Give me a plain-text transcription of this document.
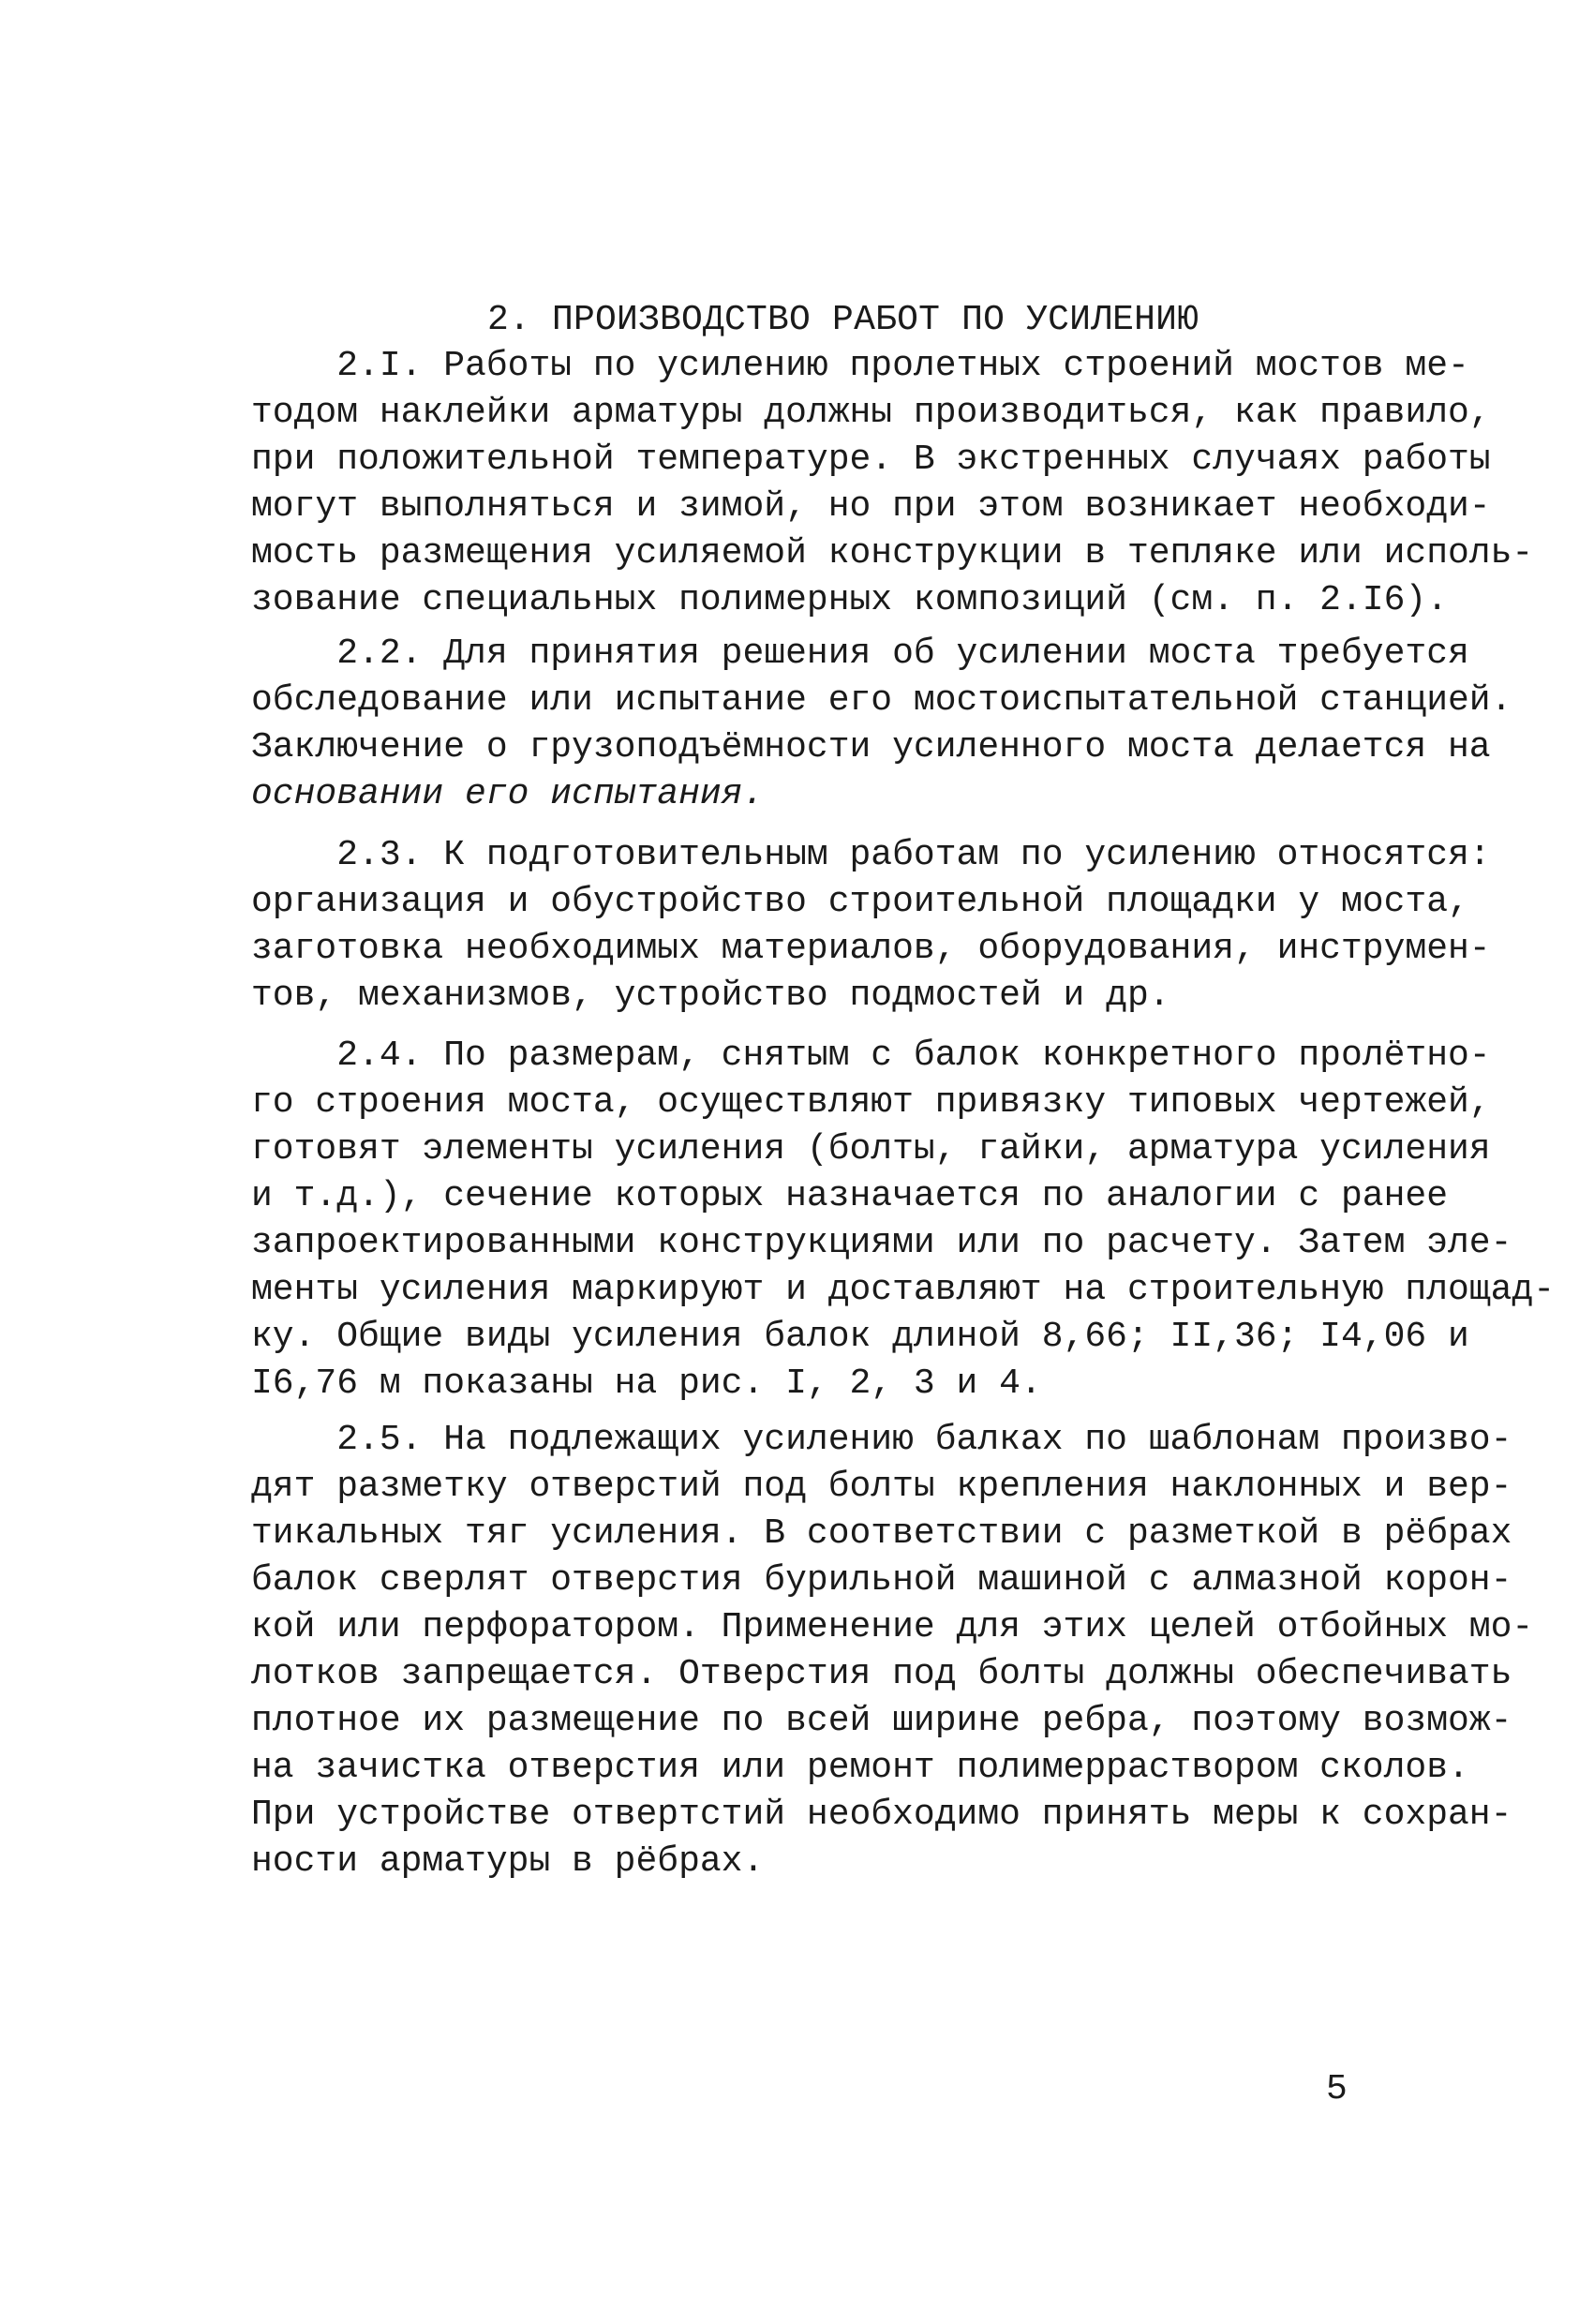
2. ПРОИЗВОДСТВО РАБОТ ПО УСИЛЕНИЮ
2.I. Работы по усилению пролетных строений мостов ме-
тодом наклейки арматуры должны производиться, как правило,
при положительной температуре. В экстренных случаях работы
могут выполняться и зимой, но при этом возникает необходи-
мость размещения усиляемой конструкции в тепляке или исполь-
зование специальных полимерных композиций (см. п. 2.I6).
2.2. Для принятия решения об усилении моста требуется
обследование или испытание его мостоиспытательной станцией.
Заключение о грузоподъёмности усиленного моста делается на
основании его испытания.
2.3. К подготовительным работам по усилению относятся:
организация и обустройство строительной площадки у моста,
заготовка необходимых материалов, оборудования, инструмен-
тов, механизмов, устройство подмостей и др.
2.4. По размерам, снятым с балок конкретного пролётно-
го строения моста, осуществляют привязку типовых чертежей,
готовят элементы усиления (болты, гайки, арматура усиления
и т.д.), сечение которых назначается по аналогии с ранее
запроектированными конструкциями или по расчету. Затем эле-
менты усиления маркируют и доставляют на строительную площад-
ку. Общие виды усиления балок длиной 8,66; II,36; I4,06 и
I6,76 м показаны на рис. I, 2, 3 и 4.
2.5. На подлежащих усилению балках по шаблонам произво-
дят разметку отверстий под болты крепления наклонных и вер-
тикальных тяг усиления. В соответствии с разметкой в рёбрах
балок сверлят отверстия бурильной машиной с алмазной корон-
кой или перфоратором. Применение для этих целей отбойных мо-
лотков запрещается. Отверстия под болты должны обеспечивать
плотное их размещение по всей ширине ребра, поэтому возмож-
на зачистка отверстия или ремонт полимерраствором сколов.
При устройстве отвертстий необходимо принять меры к сохран-
ности арматуры в рёбрах.
5
